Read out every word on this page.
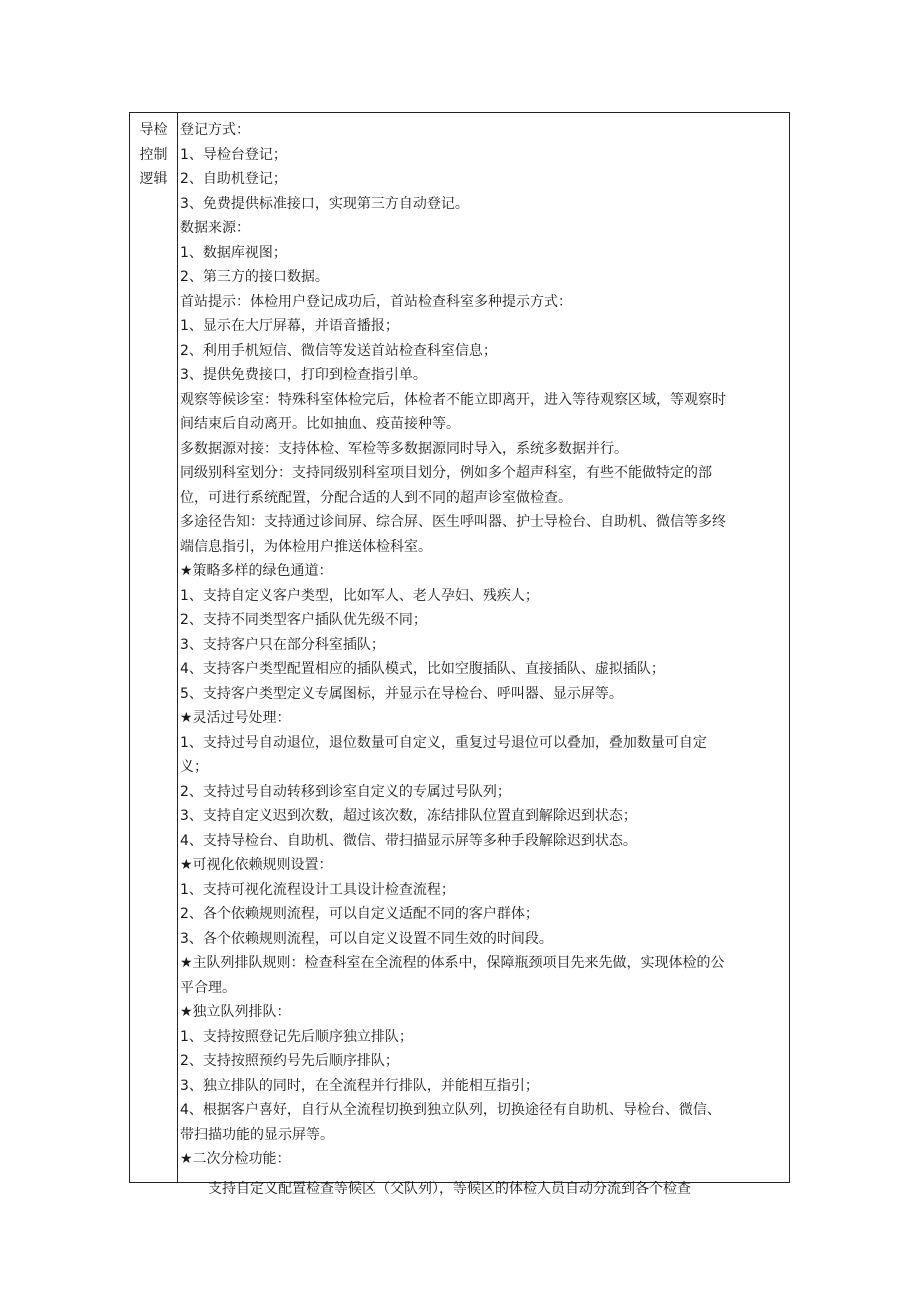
导检
控制
逻辑
登记方式：
1、导检台登记；
2、自助机登记；
3、免费提供标准接口，实现第三方自动登记。
数据来源：
1、数据库视图；
2、第三方的接口数据。
首站提示：体检用户登记成功后，首站检查科室多种提示方式：
1、显示在大厅屏幕，并语音播报；
2、利用手机短信、微信等发送首站检查科室信息；
3、提供免费接口，打印到检查指引单。
观察等候诊室：特殊科室体检完后，体检者不能立即离开，进入等待观察区域，等观察时
间结束后自动离开。比如抽血、疫苗接种等。
多数据源对接：支持体检、军检等多数据源同时导入，系统多数据并行。
同级别科室划分：支持同级别科室项目划分，例如多个超声科室，有些不能做特定的部
位，可进行系统配置，分配合适的人到不同的超声诊室做检查。
多途径告知：支持通过诊间屏、综合屏、医生呼叫器、护士导检台、自助机、微信等多终
端信息指引，为体检用户推送体检科室。
★策略多样的绿色通道：
1、支持自定义客户类型，比如军人、老人孕妇、残疾人；
2、支持不同类型客户插队优先级不同；
3、支持客户只在部分科室插队；
4、支持客户类型配置相应的插队模式，比如空腹插队、直接插队、虚拟插队；
5、支持客户类型定义专属图标，并显示在导检台、呼叫器、显示屏等。
★灵活过号处理：
1、支持过号自动退位，退位数量可自定义，重复过号退位可以叠加，叠加数量可自定
义；
2、支持过号自动转移到诊室自定义的专属过号队列；
3、支持自定义迟到次数，超过该次数，冻结排队位置直到解除迟到状态；
4、支持导检台、自助机、微信、带扫描显示屏等多种手段解除迟到状态。
★可视化依赖规则设置：
1、支持可视化流程设计工具设计检查流程；
2、各个依赖规则流程，可以自定义适配不同的客户群体；
3、各个依赖规则流程，可以自定义设置不同生效的时间段。
★主队列排队规则：检查科室在全流程的体系中，保障瓶颈项目先来先做，实现体检的公
平合理。
★独立队列排队：
1、支持按照登记先后顺序独立排队；
2、支持按照预约号先后顺序排队；
3、独立排队的同时，在全流程并行排队，并能相互指引；
4、根据客户喜好，自行从全流程切换到独立队列，切换途径有自助机、导检台、微信、
带扫描功能的显示屏等。
★二次分检功能：
支持自定义配置检查等候区（父队列），等候区的体检人员自动分流到各个检查
